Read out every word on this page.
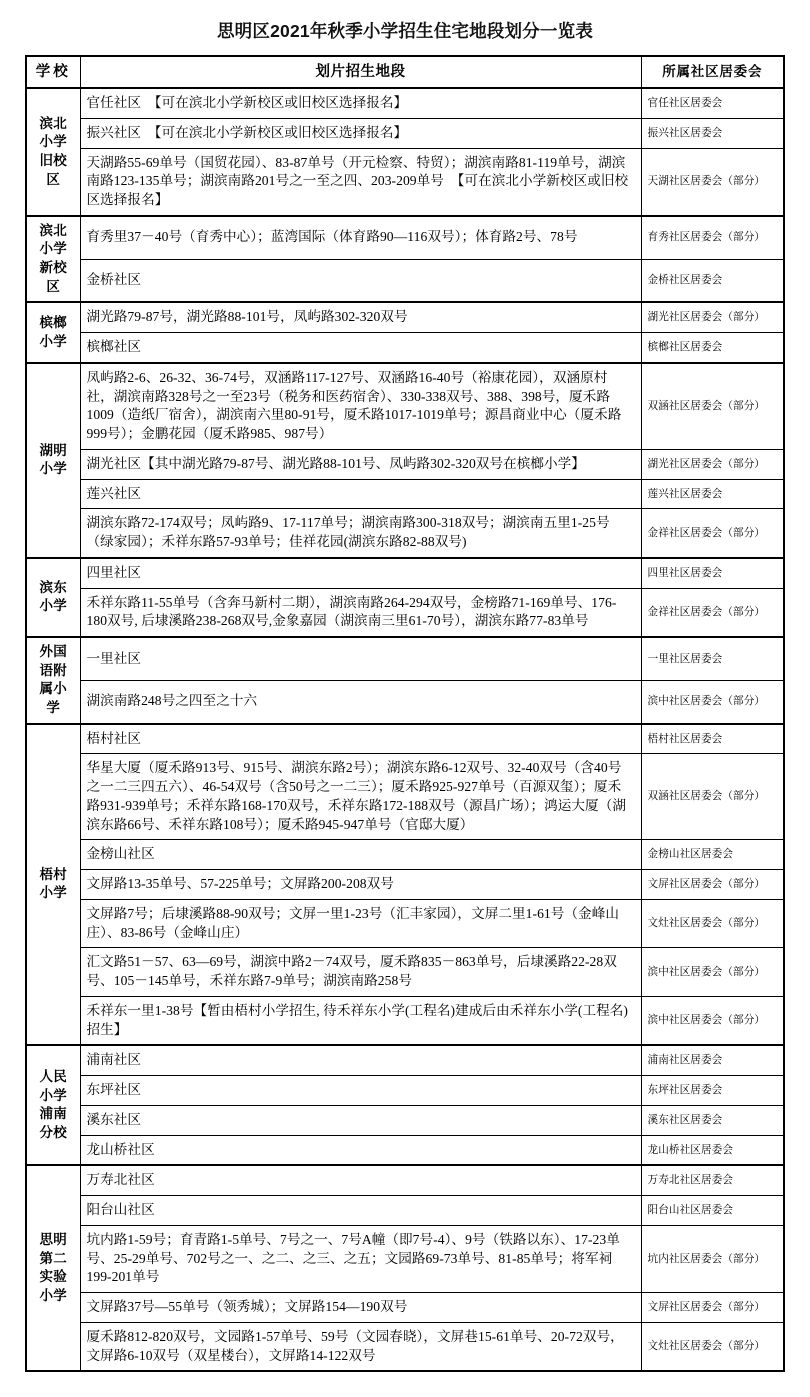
思明区2021年秋季小学招生住宅地段划分一览表
学校	划片招生地段	所属社区居委会
滨北小学旧校区	官任社区　【可在滨北小学新校区或旧校区选择报名】	官任社区居委会
	振兴社区　【可在滨北小学新校区或旧校区选择报名】	振兴社区居委会
	天湖路55-69单号（国贸花园）、83-87单号（开元检察、特贸）；湖滨南路81-119单号，湖滨南路123-135单号；湖滨南路201号之一至之四、203-209单号　【可在滨北小学新校区或旧校区选择报名】	天湖社区居委会（部分）
滨北小学新校区	育秀里37－40号（育秀中心）；蓝湾国际（体育路90—116双号）；体育路2号、78号	育秀社区居委会（部分）
	金桥社区	金桥社区居委会
槟榔小学	湖光路79-87号，湖光路88-101号，凤屿路302-320双号	湖光社区居委会（部分）
	槟榔社区	槟榔社区居委会
湖明小学	凤屿路2-6、26-32、36-74号，双涵路117-127号、双涵路16-40号（裕康花园），双涵原村社，湖滨南路328号之一至23号（税务和医药宿舍）、330-338双号、388、398号，厦禾路1009（造纸厂宿舍），湖滨南六里80-91号，厦禾路1017-1019单号；源昌商业中心（厦禾路999号）；金鹏花园（厦禾路985、987号）	双涵社区居委会（部分）
	湖光社区【其中湖光路79-87号、湖光路88-101号、凤屿路302-320双号在槟榔小学】	湖光社区居委会（部分）
	莲兴社区	莲兴社区居委会
	湖滨东路72-174双号；凤屿路9、17-117单号；湖滨南路300-318双号；湖滨南五里1-25号（绿家园）；禾祥东路57-93单号；佳祥花园(湖滨东路82-88双号)	金祥社区居委会（部分）
滨东小学	四里社区	四里社区居委会
	禾祥东路11-55单号（含奔马新村二期），湖滨南路264-294双号，金榜路71-169单号、176-180双号, 后埭溪路238-268双号,金象嘉园（湖滨南三里61-70号），湖滨东路77-83单号	金祥社区居委会（部分）
外国语附属小学	一里社区	一里社区居委会
	湖滨南路248号之四至之十六	滨中社区居委会（部分）
梧村小学	梧村社区	梧村社区居委会
	华星大厦（厦禾路913号、915号、湖滨东路2号）；湖滨东路6-12双号、32-40双号（含40号之一二三四五六）、46-54双号（含50号之一二三）；厦禾路925-927单号（百源双玺）；厦禾路931-939单号；禾祥东路168-170双号，禾祥东路172-188双号（源昌广场）；鸿运大厦（湖滨东路66号、禾祥东路108号）；厦禾路945-947单号（官邸大厦）	双涵社区居委会（部分）
	金榜山社区	金榜山社区居委会
	文屏路13-35单号、57-225单号；文屏路200-208双号	文屏社区居委会（部分）
	文屏路7号；后埭溪路88-90双号；文屏一里1-23号（汇丰家园），文屏二里1-61号（金峰山庄）、83-86号（金峰山庄）	文灶社区居委会（部分）
	汇文路51－57、63—69号，湖滨中路2－74双号，厦禾路835－863单号，后埭溪路22-28双号、105－145单号，禾祥东路7-9单号；湖滨南路258号	滨中社区居委会（部分）
	禾祥东一里1-38号【暂由梧村小学招生, 待禾祥东小学(工程名)建成后由禾祥东小学(工程名)招生】	滨中社区居委会（部分）
人民小学浦南分校	浦南社区	浦南社区居委会
	东坪社区	东坪社区居委会
	溪东社区	溪东社区居委会
	龙山桥社区	龙山桥社区居委会
思明第二实验小学	万寿北社区	万寿北社区居委会
	阳台山社区	阳台山社区居委会
	坑内路1-59号；育青路1-5单号、7号之一、7号A幢（即7号-4）、9号（铁路以东）、17-23单号、25-29单号、702号之一、之二、之三、之五；文园路69-73单号、81-85单号；将军祠199-201单号	坑内社区居委会（部分）
	文屏路37号—55单号（领秀城）；文屏路154—190双号	文屏社区居委会（部分）
	厦禾路812-820双号，文园路1-57单号、59号（文园春晓），文屏巷15-61单号、20-72双号，文屏路6-10双号（双星楼台），文屏路14-122双号	文灶社区居委会（部分）
